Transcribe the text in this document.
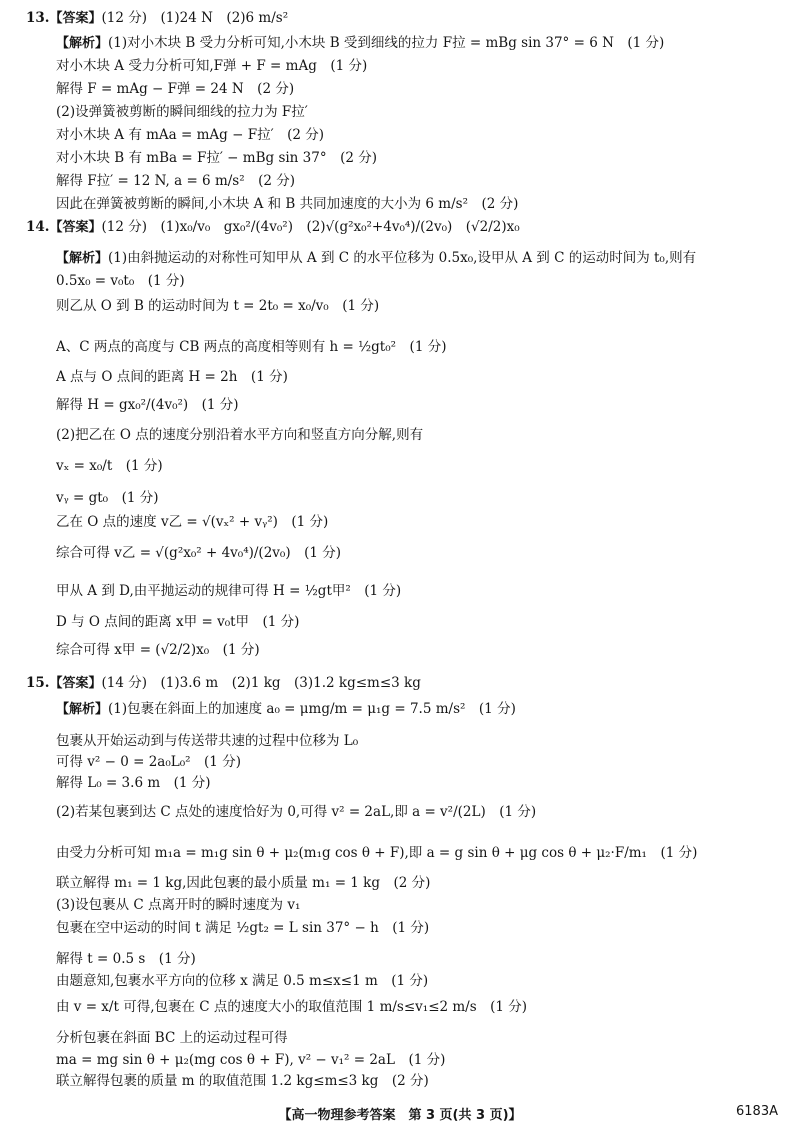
13.【答案】(12 分)　(1)24 N　(2)6 m/s²
【解析】(1)对小木块 B 受力分析可知,小木块 B 受到细线的拉力 F拉 = mBg sin 37° = 6 N　(1 分)
对小木块 A 受力分析可知,F弹 + F = mAg　(1 分)
解得 F = mAg − F弹 = 24 N　(2 分)
(2)设弹簧被剪断的瞬间细线的拉力为 F拉′
对小木块 A 有 mAa = mAg − F拉′　(2 分)
对小木块 B 有 mBa = F拉′ − mBg sin 37°　(2 分)
解得 F拉′ = 12 N, a = 6 m/s²　(2 分)
因此在弹簧被剪断的瞬间,小木块 A 和 B 共同加速度的大小为 6 m/s²　(2 分)
14.【答案】(12 分)　(1)x₀/v₀　gx₀²/(4v₀²)　(2)√(g²x₀²+4v₀⁴)/(2v₀)　(√2/2)x₀
【解析】(1)由斜抛运动的对称性可知甲从 A 到 C 的水平位移为 0.5x₀,设甲从 A 到 C 的运动时间为 t₀,则有
0.5x₀ = v₀t₀　(1 分)
则乙从 O 到 B 的运动时间为 t = 2t₀ = x₀/v₀　(1 分)
A、C 两点的高度与 CB 两点的高度相等则有 h = ½gt₀²　(1 分)
A 点与 O 点间的距离 H = 2h　(1 分)
解得 H = gx₀²/(4v₀²)　(1 分)
(2)把乙在 O 点的速度分别沿着水平方向和竖直方向分解,则有
vₓ = x₀/t　(1 分)
vᵧ = gt₀　(1 分)
乙在 O 点的速度 v乙 = √(vₓ² + vᵧ²)　(1 分)
综合可得 v乙 = √(g²x₀² + 4v₀⁴)/(2v₀)　(1 分)
甲从 A 到 D,由平抛运动的规律可得 H = ½gt甲²　(1 分)
D 与 O 点间的距离 x甲 = v₀t甲　(1 分)
综合可得 x甲 = (√2/2)x₀　(1 分)
15.【答案】(14 分)　(1)3.6 m　(2)1 kg　(3)1.2 kg≤m≤3 kg
【解析】(1)包裹在斜面上的加速度 a₀ = μmg/m = μ₁g = 7.5 m/s²　(1 分)
包裹从开始运动到与传送带共速的过程中位移为 L₀
可得 v² − 0 = 2a₀L₀²　(1 分)
解得 L₀ = 3.6 m　(1 分)
(2)若某包裹到达 C 点处的速度恰好为 0,可得 v² = 2aL,即 a = v²/(2L)　(1 分)
由受力分析可知 m₁a = m₁g sin θ + μ₂(m₁g cos θ + F),即 a = g sin θ + μg cos θ + μ₂·F/m₁　(1 分)
联立解得 m₁ = 1 kg,因此包裹的最小质量 m₁ = 1 kg　(2 分)
(3)设包裹从 C 点离开时的瞬时速度为 v₁
包裹在空中运动的时间 t 满足 ½gt₂ = L sin 37° − h　(1 分)
解得 t = 0.5 s　(1 分)
由题意知,包裹水平方向的位移 x 满足 0.5 m≤x≤1 m　(1 分)
由 v = x/t 可得,包裹在 C 点的速度大小的取值范围 1 m/s≤v₁≤2 m/s　(1 分)
分析包裹在斜面 BC 上的运动过程可得
ma = mg sin θ + μ₂(mg cos θ + F), v² − v₁² = 2aL　(1 分)
联立解得包裹的质量 m 的取值范围 1.2 kg≤m≤3 kg　(2 分)
【高一物理参考答案　第 3 页(共 3 页)】	6183A
